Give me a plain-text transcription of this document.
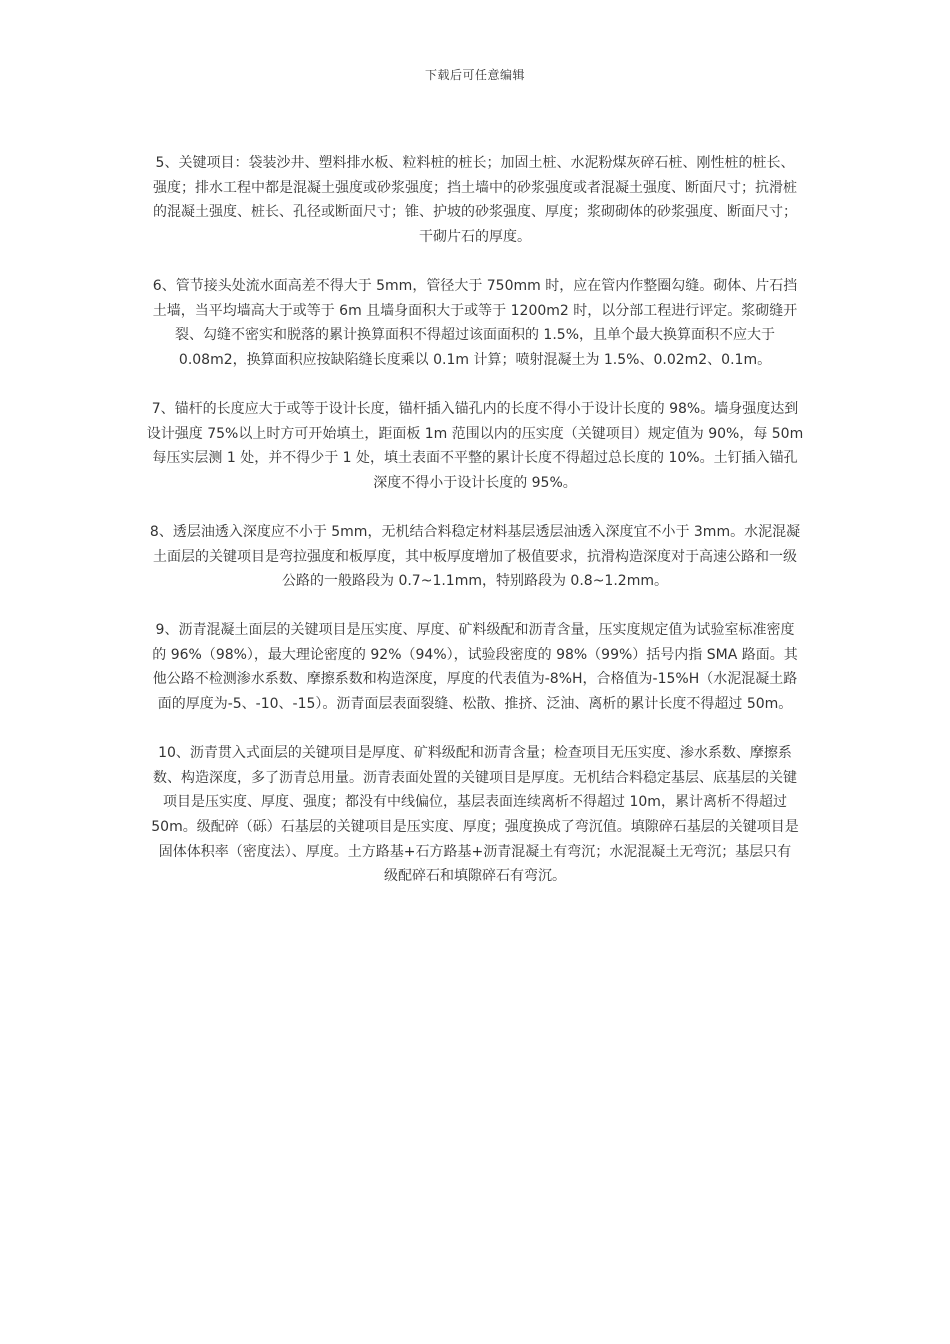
下载后可任意编辑

5、关键项目：袋装沙井、塑料排水板、粒料桩的桩长；加固土桩、水泥粉煤灰碎石桩、刚性桩的桩长、
强度；排水工程中都是混凝土强度或砂浆强度；挡土墙中的砂浆强度或者混凝土强度、断面尺寸；抗滑桩
的混凝土强度、桩长、孔径或断面尺寸；锥、护坡的砂浆强度、厚度；浆砌砌体的砂浆强度、断面尺寸；
干砌片石的厚度。

6、管节接头处流水面高差不得大于 5mm，管径大于 750mm 时，应在管内作整圈勾缝。砌体、片石挡
土墙，当平均墙高大于或等于 6m 且墙身面积大于或等于 1200m2 时，以分部工程进行评定。浆砌缝开
裂、勾缝不密实和脱落的累计换算面积不得超过该面面积的 1.5%，且单个最大换算面积不应大于
0.08m2，换算面积应按缺陷缝长度乘以 0.1m 计算；喷射混凝土为 1.5%、0.02m2、0.1m。

7、锚杆的长度应大于或等于设计长度，锚杆插入锚孔内的长度不得小于设计长度的 98%。墙身强度达到
设计强度 75%以上时方可开始填土，距面板 1m 范围以内的压实度（关键项目）规定值为 90%，每 50m
每压实层测 1 处，并不得少于 1 处，填土表面不平整的累计长度不得超过总长度的 10%。土钉插入锚孔
深度不得小于设计长度的 95%。

8、透层油透入深度应不小于 5mm，无机结合料稳定材料基层透层油透入深度宜不小于 3mm。水泥混凝
土面层的关键项目是弯拉强度和板厚度，其中板厚度增加了极值要求，抗滑构造深度对于高速公路和一级
公路的一般路段为 0.7~1.1mm，特别路段为 0.8~1.2mm。

9、沥青混凝土面层的关键项目是压实度、厚度、矿料级配和沥青含量，压实度规定值为试验室标准密度
的 96%（98%），最大理论密度的 92%（94%），试验段密度的 98%（99%）括号内指 SMA 路面。其
他公路不检测渗水系数、摩擦系数和构造深度，厚度的代表值为-8%H，合格值为-15%H（水泥混凝土路
面的厚度为-5、-10、-15）。沥青面层表面裂缝、松散、推挤、泛油、离析的累计长度不得超过 50m。

10、沥青贯入式面层的关键项目是厚度、矿料级配和沥青含量；检查项目无压实度、渗水系数、摩擦系
数、构造深度，多了沥青总用量。沥青表面处置的关键项目是厚度。无机结合料稳定基层、底基层的关键
项目是压实度、厚度、强度；都没有中线偏位，基层表面连续离析不得超过 10m，累计离析不得超过
50m。级配碎（砾）石基层的关键项目是压实度、厚度；强度换成了弯沉值。填隙碎石基层的关键项目是
固体体积率（密度法）、厚度。土方路基+石方路基+沥青混凝土有弯沉；水泥混凝土无弯沉；基层只有
级配碎石和填隙碎石有弯沉。
